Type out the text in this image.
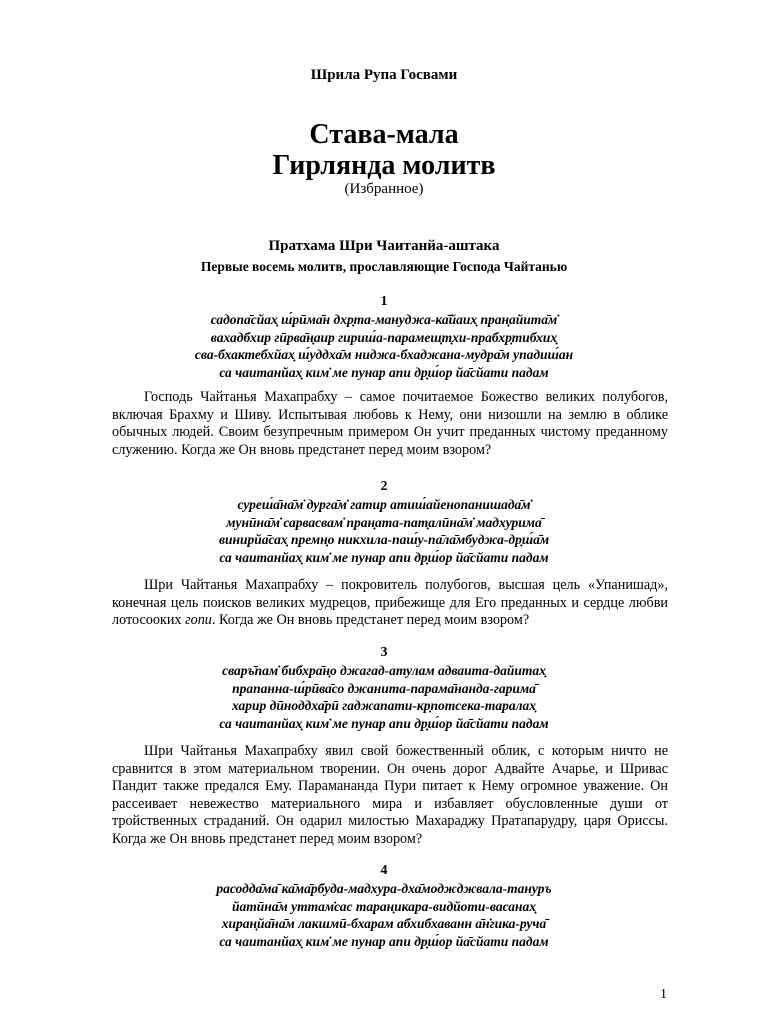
Шрила Рупа Госвами
Става-мала
Гирлянда молитв
(Избранное)
Пратхама Шри Чаитанйа-аштака
Первые восемь молитв, прославляющие Господа Чайтанью
1
садопа̄сйах̣ ш́рӣма̄н дхр̣та-мануджа-ка̄йаих̣ пран̣айита̄м̇
вахадбхир гӣрва̄н̣аир гириш́а-парамеш̣т̣хи-прабхр̣тибхих̣
сва-бхактебхйах̣ ш́уддха̄м ниджа-бхаджана-мудра̄м упадиш́ан
са чаитанйах̣ ким̇ ме пунар апи др̣ш́ор йа̄сйати падам
Господь Чайтанья Махапрабху – самое почитаемое Божество великих полубогов, включая Брахму и Шиву. Испытывая любовь к Нему, они низошли на землю в облике обычных людей. Своим безупречным примером Он учит преданных чистому преданному служению. Когда же Он вновь предстанет перед моим взором?
2
суреш́а̄на̄м̇ дурга̄м̇ гатир атиш́айенопанишада̄м̇
мунӣна̄м̇ сарвасвам̇ пран̣ата-пат̣алӣна̄м̇ мадхурима̄
винирйа̄сах̣ премн̣о никхила-паш́у-па̄ла̄мбуджа-др̣ш́а̄м
са чаитанйах̣ ким̇ ме пунар апи др̣ш́ор йа̄сйати падам
Шри Чайтанья Махапрабху – покровитель полубогов, высшая цель «Упанишад», конечная цель поисков великих мудрецов, прибежище для Его преданных и сердце любви лотосооких гопи. Когда же Он вновь предстанет перед моим взором?
3
сваръ̄пам̇ бибхра̄н̣о джагад-атулам адваита-дайитах̣
прапанна-ш́рӣва̄со джанита-парама̄нанда-гарима̄
харир дӣноддха̄рӣ гаджапати-кр̣потсека-таралах̣
са чаитанйах̣ ким̇ ме пунар апи др̣ш́ор йа̄сйати падам
Шри Чайтанья Махапрабху явил свой божественный облик, с которым ничто не сравнится в этом материальном творении. Он очень дорог Адвайте Ачарье, и Шривас Пандит также предался Ему. Парамананда Пури питает к Нему огромное уважение. Он рассеивает невежество материального мира и избавляет обусловленные души от тройственных страданий. Он одарил милостью Махараджу Пратапарудру, царя Ориссы. Когда же Он вновь предстанет перед моим взором?
4
расодда̄ма̄ ка̄ма̄рбуда-мадхура-дха̄моджджвала-тануръ
йатӣна̄м уттам̇сас таран̣икара-видйоти-васанах̣
хиран̣йа̄на̄м лакшмӣ-бхарам абхибхаванн а̄н̇гика-руча̄
са чаитанйах̣ ким̇ ме пунар апи др̣ш́ор йа̄сйати падам
1
